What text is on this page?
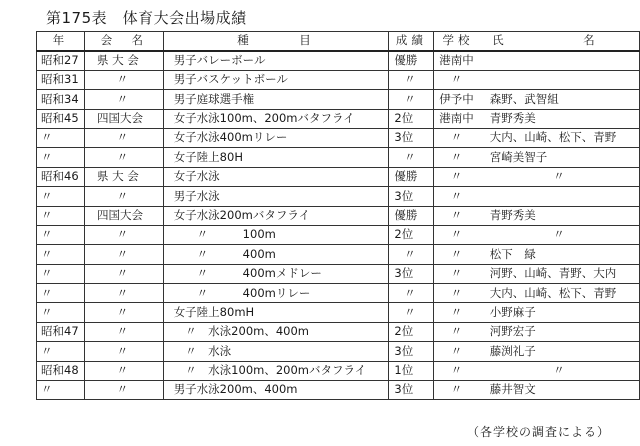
第175表　体育大会出場成績
年	会　名	種　　　目	成績	学校	氏　名
昭和27	県 大 会	男子バレーボール	優勝	港南中	
昭和31	〃	男子バスケットボール	〃	〃	
昭和34	〃	男子庭球選手権	〃	伊予中	森野、武智組
昭和45	四国大会	女子水泳100m、200mバタフライ	2位	港南中	青野秀美
〃	〃	女子水泳400mリレー	3位	〃	大内、山崎、松下、青野
〃	〃	女子陸上80H	〃	〃	宮崎美智子
昭和46	県 大 会	女子水泳	優勝	〃	〃
〃	〃	男子水泳	3位	〃	
〃	四国大会	女子水泳200mバタフライ	優勝	〃	青野秀美
〃	〃	　　〃　　　100m	2位	〃	〃
〃	〃	　　〃　　　400m	〃	〃	松下　緑
〃	〃	　　〃　　　400mメドレー	3位	〃	河野、山崎、青野、大内
〃	〃	　　〃　　　400mリレー	〃	〃	大内、山崎、松下、青野
〃	〃	女子陸上80mH	〃	〃	小野麻子
昭和47	〃	　〃　水泳200m、400m	2位	〃	河野宏子
〃	〃	　〃　水泳	3位	〃	藤渕礼子
昭和48	〃	　〃　水泳100m、200mバタフライ	1位	〃	〃
〃	〃	男子水泳200m、400m	3位	〃	藤井智文
（各学校の調査による）
